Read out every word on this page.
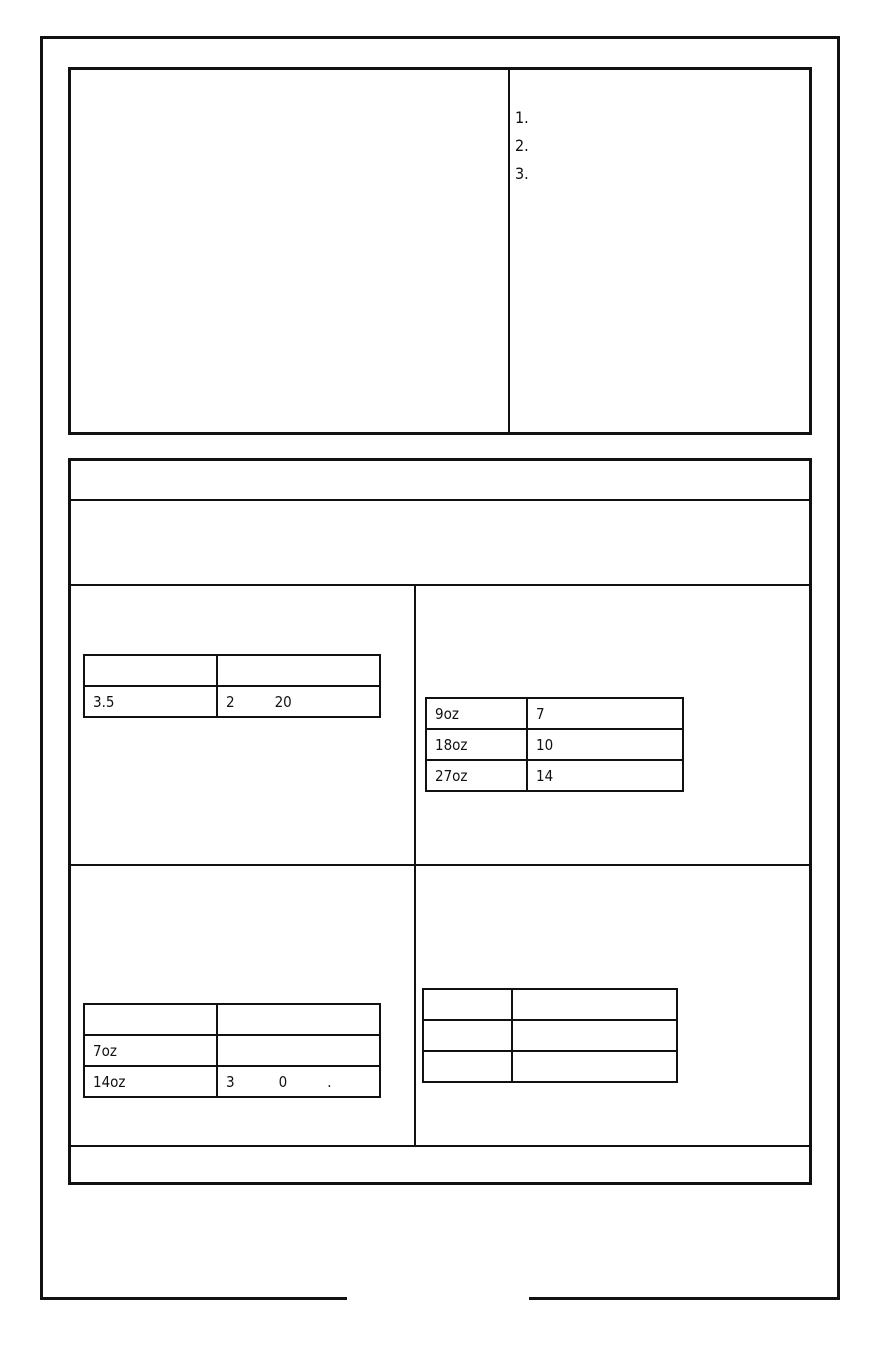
1.
2.
3.

3.5	2 20
9oz	7
18oz	10
27oz	14

7oz	
14oz	3 0 .
